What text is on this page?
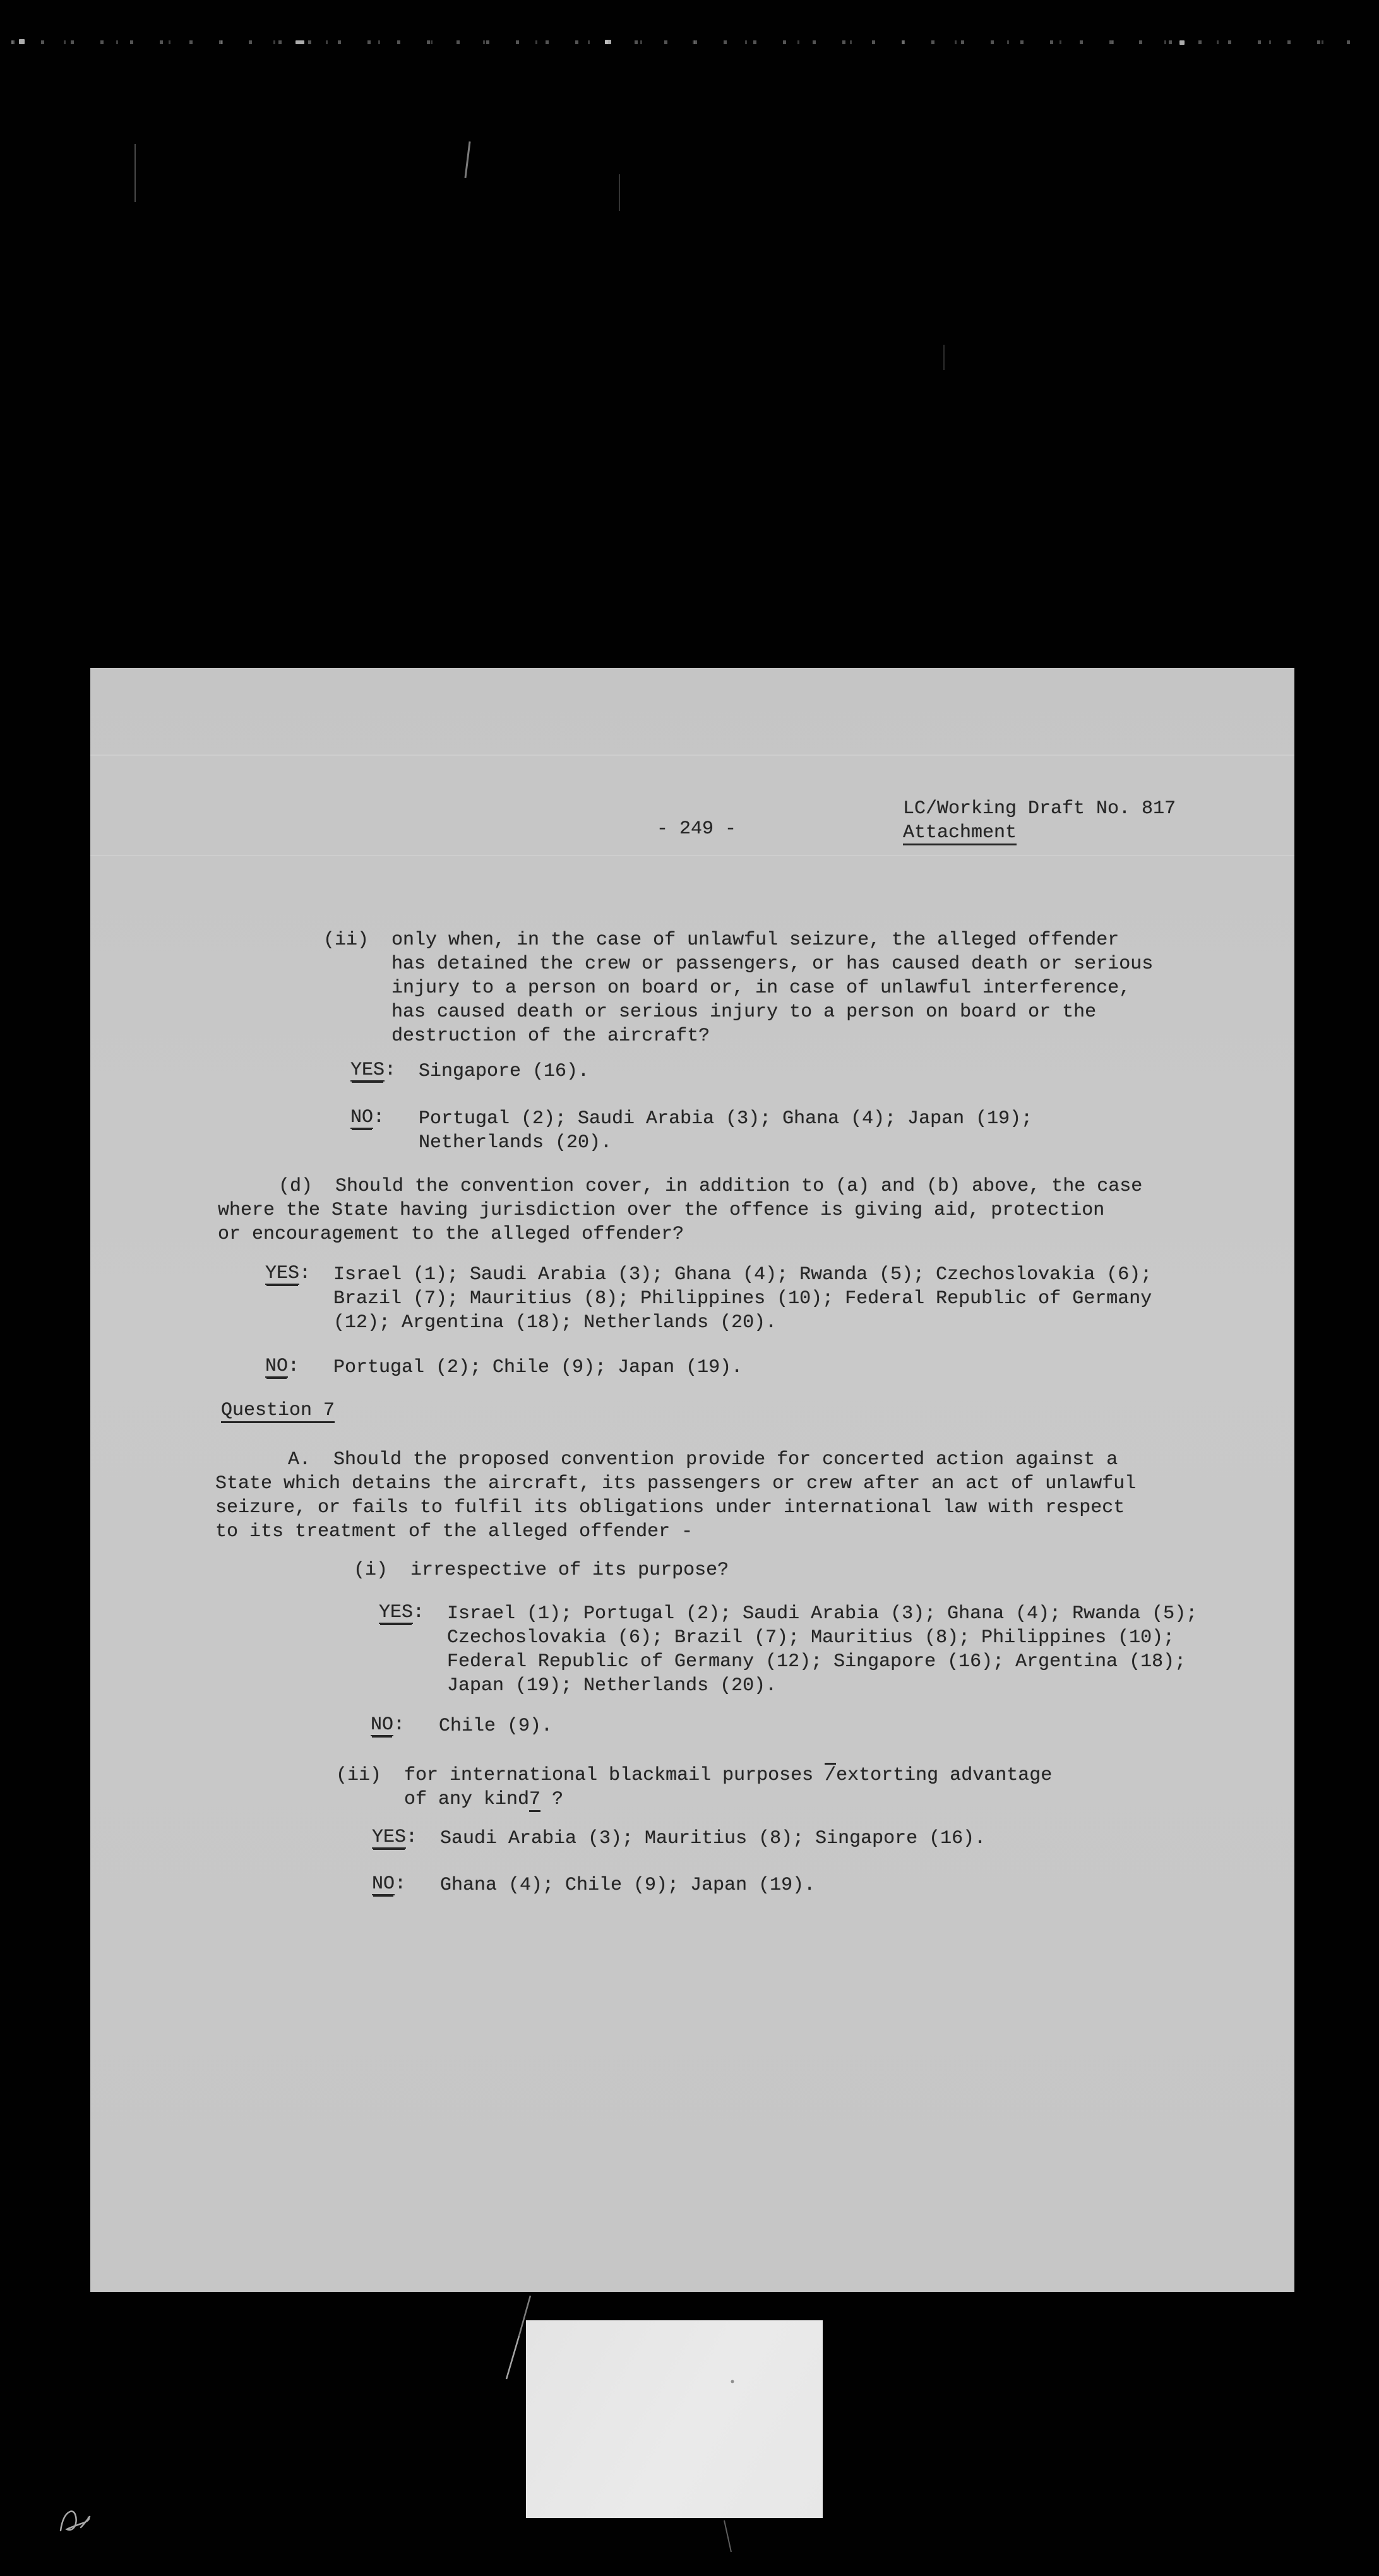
LC/Working Draft No. 817
Attachment
- 249 -
(ii)  only when, in the case of unlawful seizure, the alleged offender
has detained the crew or passengers, or has caused death or serious
injury to a person on board or, in case of unlawful interference,
has caused death or serious injury to a person on board or the
destruction of the aircraft?
YES: Singapore (16).
NO: Portugal (2); Saudi Arabia (3); Ghana (4); Japan (19);
Netherlands (20).
(d)  Should the convention cover, in addition to (a) and (b) above, the case
where the State having jurisdiction over the offence is giving aid, protection
or encouragement to the alleged offender?
YES: Israel (1); Saudi Arabia (3); Ghana (4); Rwanda (5); Czechoslovakia (6);
Brazil (7); Mauritius (8); Philippines (10); Federal Republic of Germany
(12); Argentina (18); Netherlands (20).
NO: Portugal (2); Chile (9); Japan (19).
Question 7
A.  Should the proposed convention provide for concerted action against a
State which detains the aircraft, its passengers or crew after an act of unlawful
seizure, or fails to fulfil its obligations under international law with respect
to its treatment of the alleged offender -
(i)  irrespective of its purpose?
YES: Israel (1); Portugal (2); Saudi Arabia (3); Ghana (4); Rwanda (5);
Czechoslovakia (6); Brazil (7); Mauritius (8); Philippines (10);
Federal Republic of Germany (12); Singapore (16); Argentina (18);
Japan (19); Netherlands (20).
NO: Chile (9).
(ii)  for international blackmail purposes /extorting advantage
of any kind7 ?
YES: Saudi Arabia (3); Mauritius (8); Singapore (16).
NO: Ghana (4); Chile (9); Japan (19).
